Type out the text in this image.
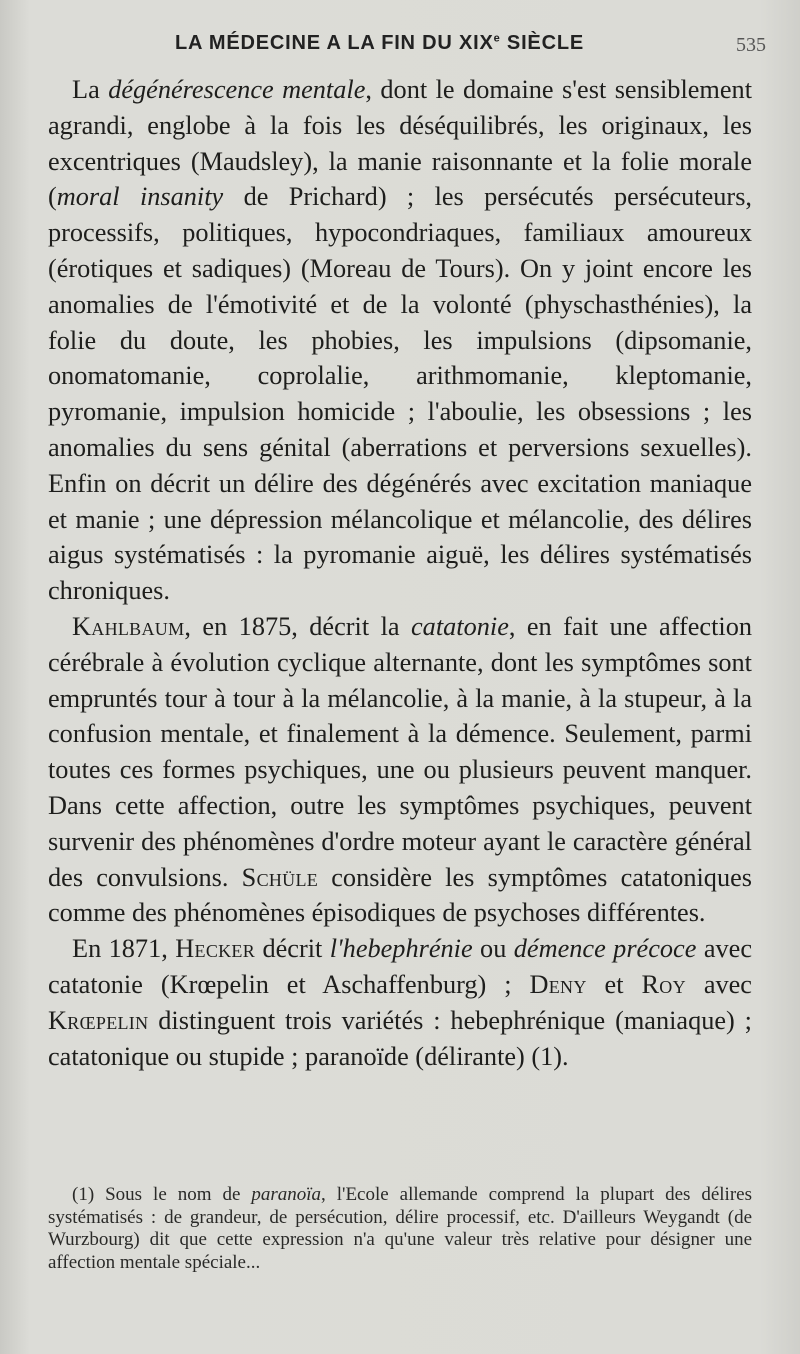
LA MÉDECINE A LA FIN DU XIXe SIÈCLE	535

La dégénérescence mentale, dont le domaine s'est sensiblement agrandi, englobe à la fois les déséquilibrés, les originaux, les excentriques (Maudsley), la manie raisonnante et la folie morale (moral insanity de Prichard) ; les persécutés persécuteurs, processifs, politiques, hypocondriaques, familiaux amoureux (érotiques et sadiques) (Moreau de Tours). On y joint encore les anomalies de l'émotivité et de la volonté (physchasthénies), la folie du doute, les phobies, les impulsions (dipsomanie, onomatomanie, coprolalie, arithmomanie, kleptomanie, pyromanie, impulsion homicide ; l'aboulie, les obsessions ; les anomalies du sens génital (aberrations et perversions sexuelles). Enfin on décrit un délire des dégénérés avec excitation maniaque et manie ; une dépression mélancolique et mélancolie, des délires aigus systématisés : la pyromanie aiguë, les délires systématisés chroniques.

Kahlbaum, en 1875, décrit la catatonie, en fait une affection cérébrale à évolution cyclique alternante, dont les symptômes sont empruntés tour à tour à la mélancolie, à la manie, à la stupeur, à la confusion mentale, et finalement à la démence. Seulement, parmi toutes ces formes psychiques, une ou plusieurs peuvent manquer. Dans cette affection, outre les symptômes psychiques, peuvent survenir des phénomènes d'ordre moteur ayant le caractère général des convulsions. Schüle considère les symptômes catatoniques comme des phénomènes épisodiques de psychoses différentes.

En 1871, Hecker décrit l'hebephrénie ou démence précoce avec catatonie (Krœpelin et Aschaffenburg) ; Deny et Roy avec Krœpelin distinguent trois variétés : hebephrénique (maniaque) ; catatonique ou stupide ; paranoïde (délirante) (1).

(1) Sous le nom de paranoïa, l'Ecole allemande comprend la plupart des délires systématisés : de grandeur, de persécution, délire processif, etc. D'ailleurs Weygandt (de Wurzbourg) dit que cette expression n'a qu'une valeur très relative pour désigner une affection mentale spéciale...
